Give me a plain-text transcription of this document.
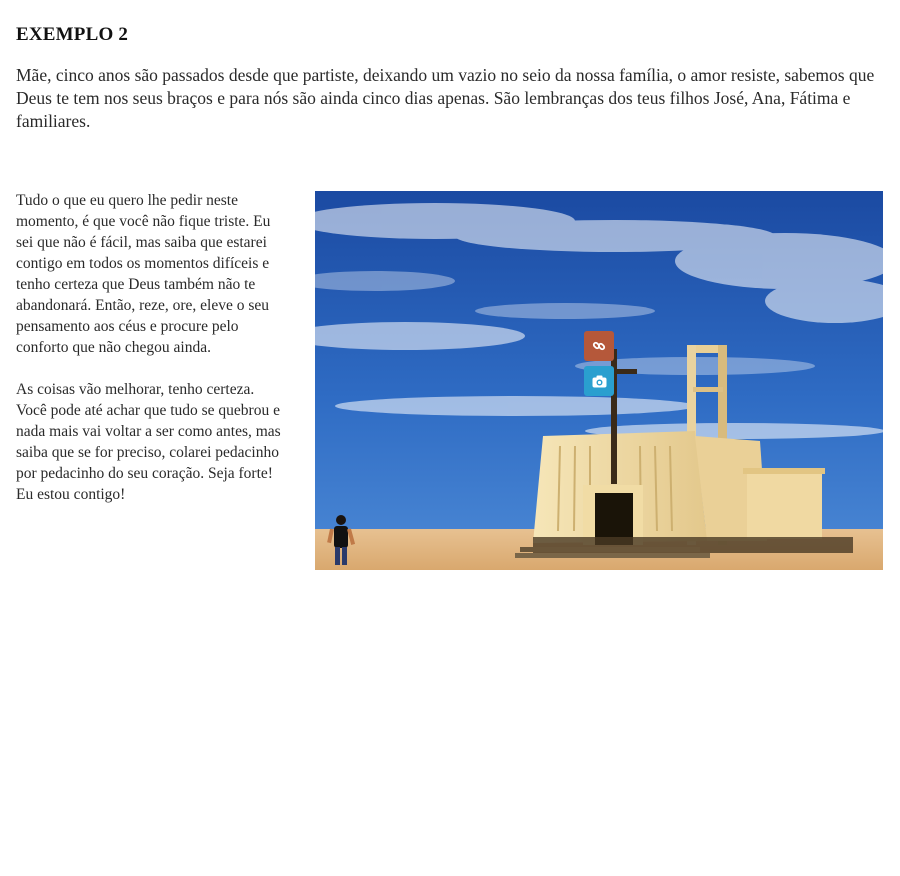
EXEMPLO 2

Mãe, cinco anos são passados desde que partiste, deixando um vazio no seio da nossa família, o amor resiste, sabemos que Deus te tem nos seus braços e para nós são ainda cinco dias apenas. São lembranças dos teus filhos José, Ana, Fátima e familiares.

Tudo o que eu quero lhe pedir neste momento, é que você não fique triste. Eu sei que não é fácil, mas saiba que estarei contigo em todos os momentos difíceis e tenho certeza que Deus também não te abandonará. Então, reze, ore, eleve o seu pensamento aos céus e procure pelo conforto que não chegou ainda.

As coisas vão melhorar, tenho certeza. Você pode até achar que tudo se quebrou e nada mais vai voltar a ser como antes, mas saiba que se for preciso, colarei pedacinho por pedacinho do seu coração. Seja forte! Eu estou contigo!
